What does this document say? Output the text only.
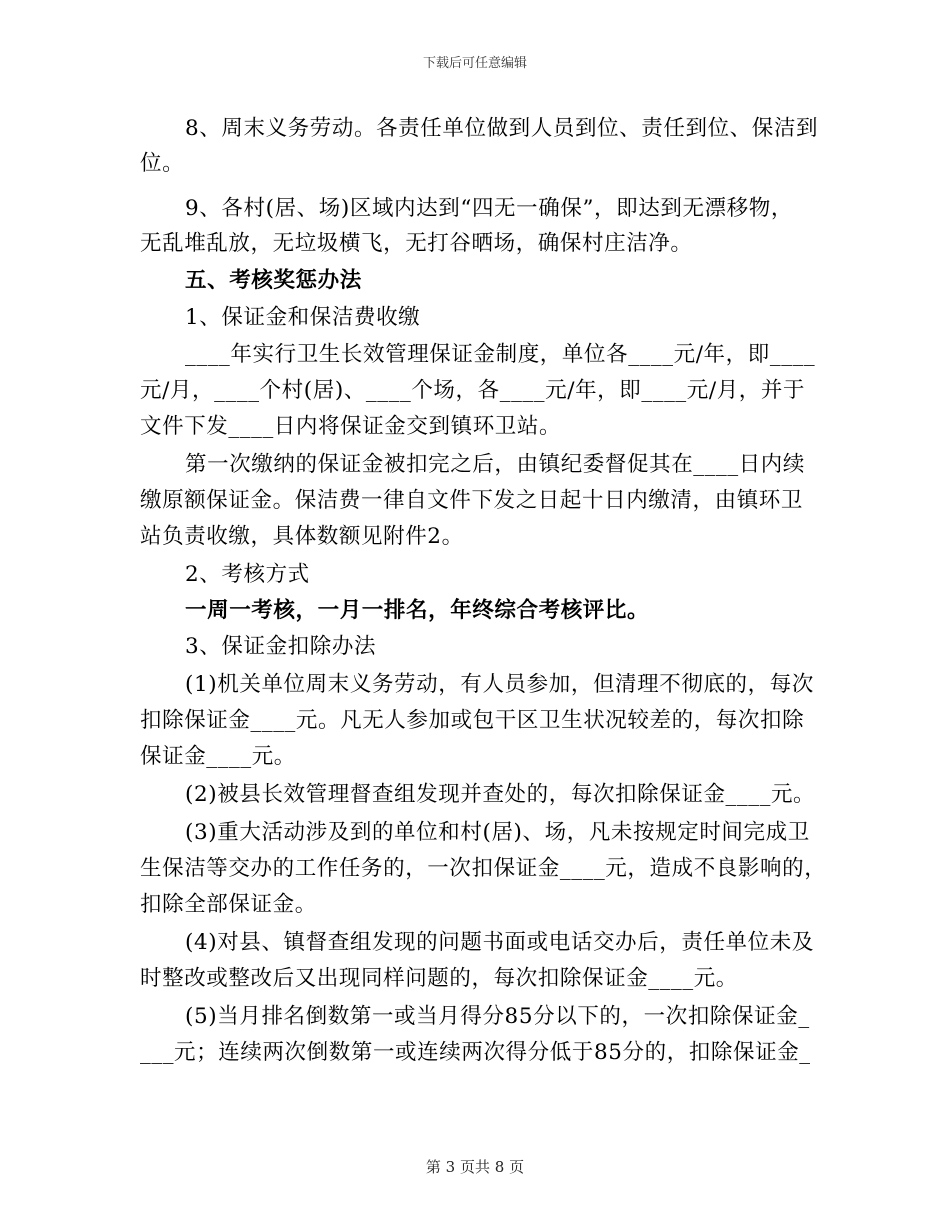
下载后可任意编辑
8、周末义务劳动。各责任单位做到人员到位、责任到位、保洁到
位。
9、各村(居、场)区域内达到“四无一确保”，即达到无漂移物，
无乱堆乱放，无垃圾横飞，无打谷晒场，确保村庄洁净。
五、考核奖惩办法
1、保证金和保洁费收缴
____年实行卫生长效管理保证金制度，单位各____元/年，即____
元/月，____个村(居)、____个场，各____元/年，即____元/月，并于
文件下发____日内将保证金交到镇环卫站。
第一次缴纳的保证金被扣完之后，由镇纪委督促其在____日内续
缴原额保证金。保洁费一律自文件下发之日起十日内缴清，由镇环卫
站负责收缴，具体数额见附件2。
2、考核方式
一周一考核，一月一排名，年终综合考核评比。
3、保证金扣除办法
(1)机关单位周末义务劳动，有人员参加，但清理不彻底的，每次
扣除保证金____元。凡无人参加或包干区卫生状况较差的，每次扣除
保证金____元。
(2)被县长效管理督查组发现并查处的，每次扣除保证金____元。
(3)重大活动涉及到的单位和村(居)、场，凡未按规定时间完成卫
生保洁等交办的工作任务的，一次扣保证金____元，造成不良影响的，
扣除全部保证金。
(4)对县、镇督查组发现的问题书面或电话交办后，责任单位未及
时整改或整改后又出现同样问题的，每次扣除保证金____元。
(5)当月排名倒数第一或当月得分85分以下的，一次扣除保证金_
___元；连续两次倒数第一或连续两次得分低于85分的，扣除保证金_
第 3 页共 8 页
